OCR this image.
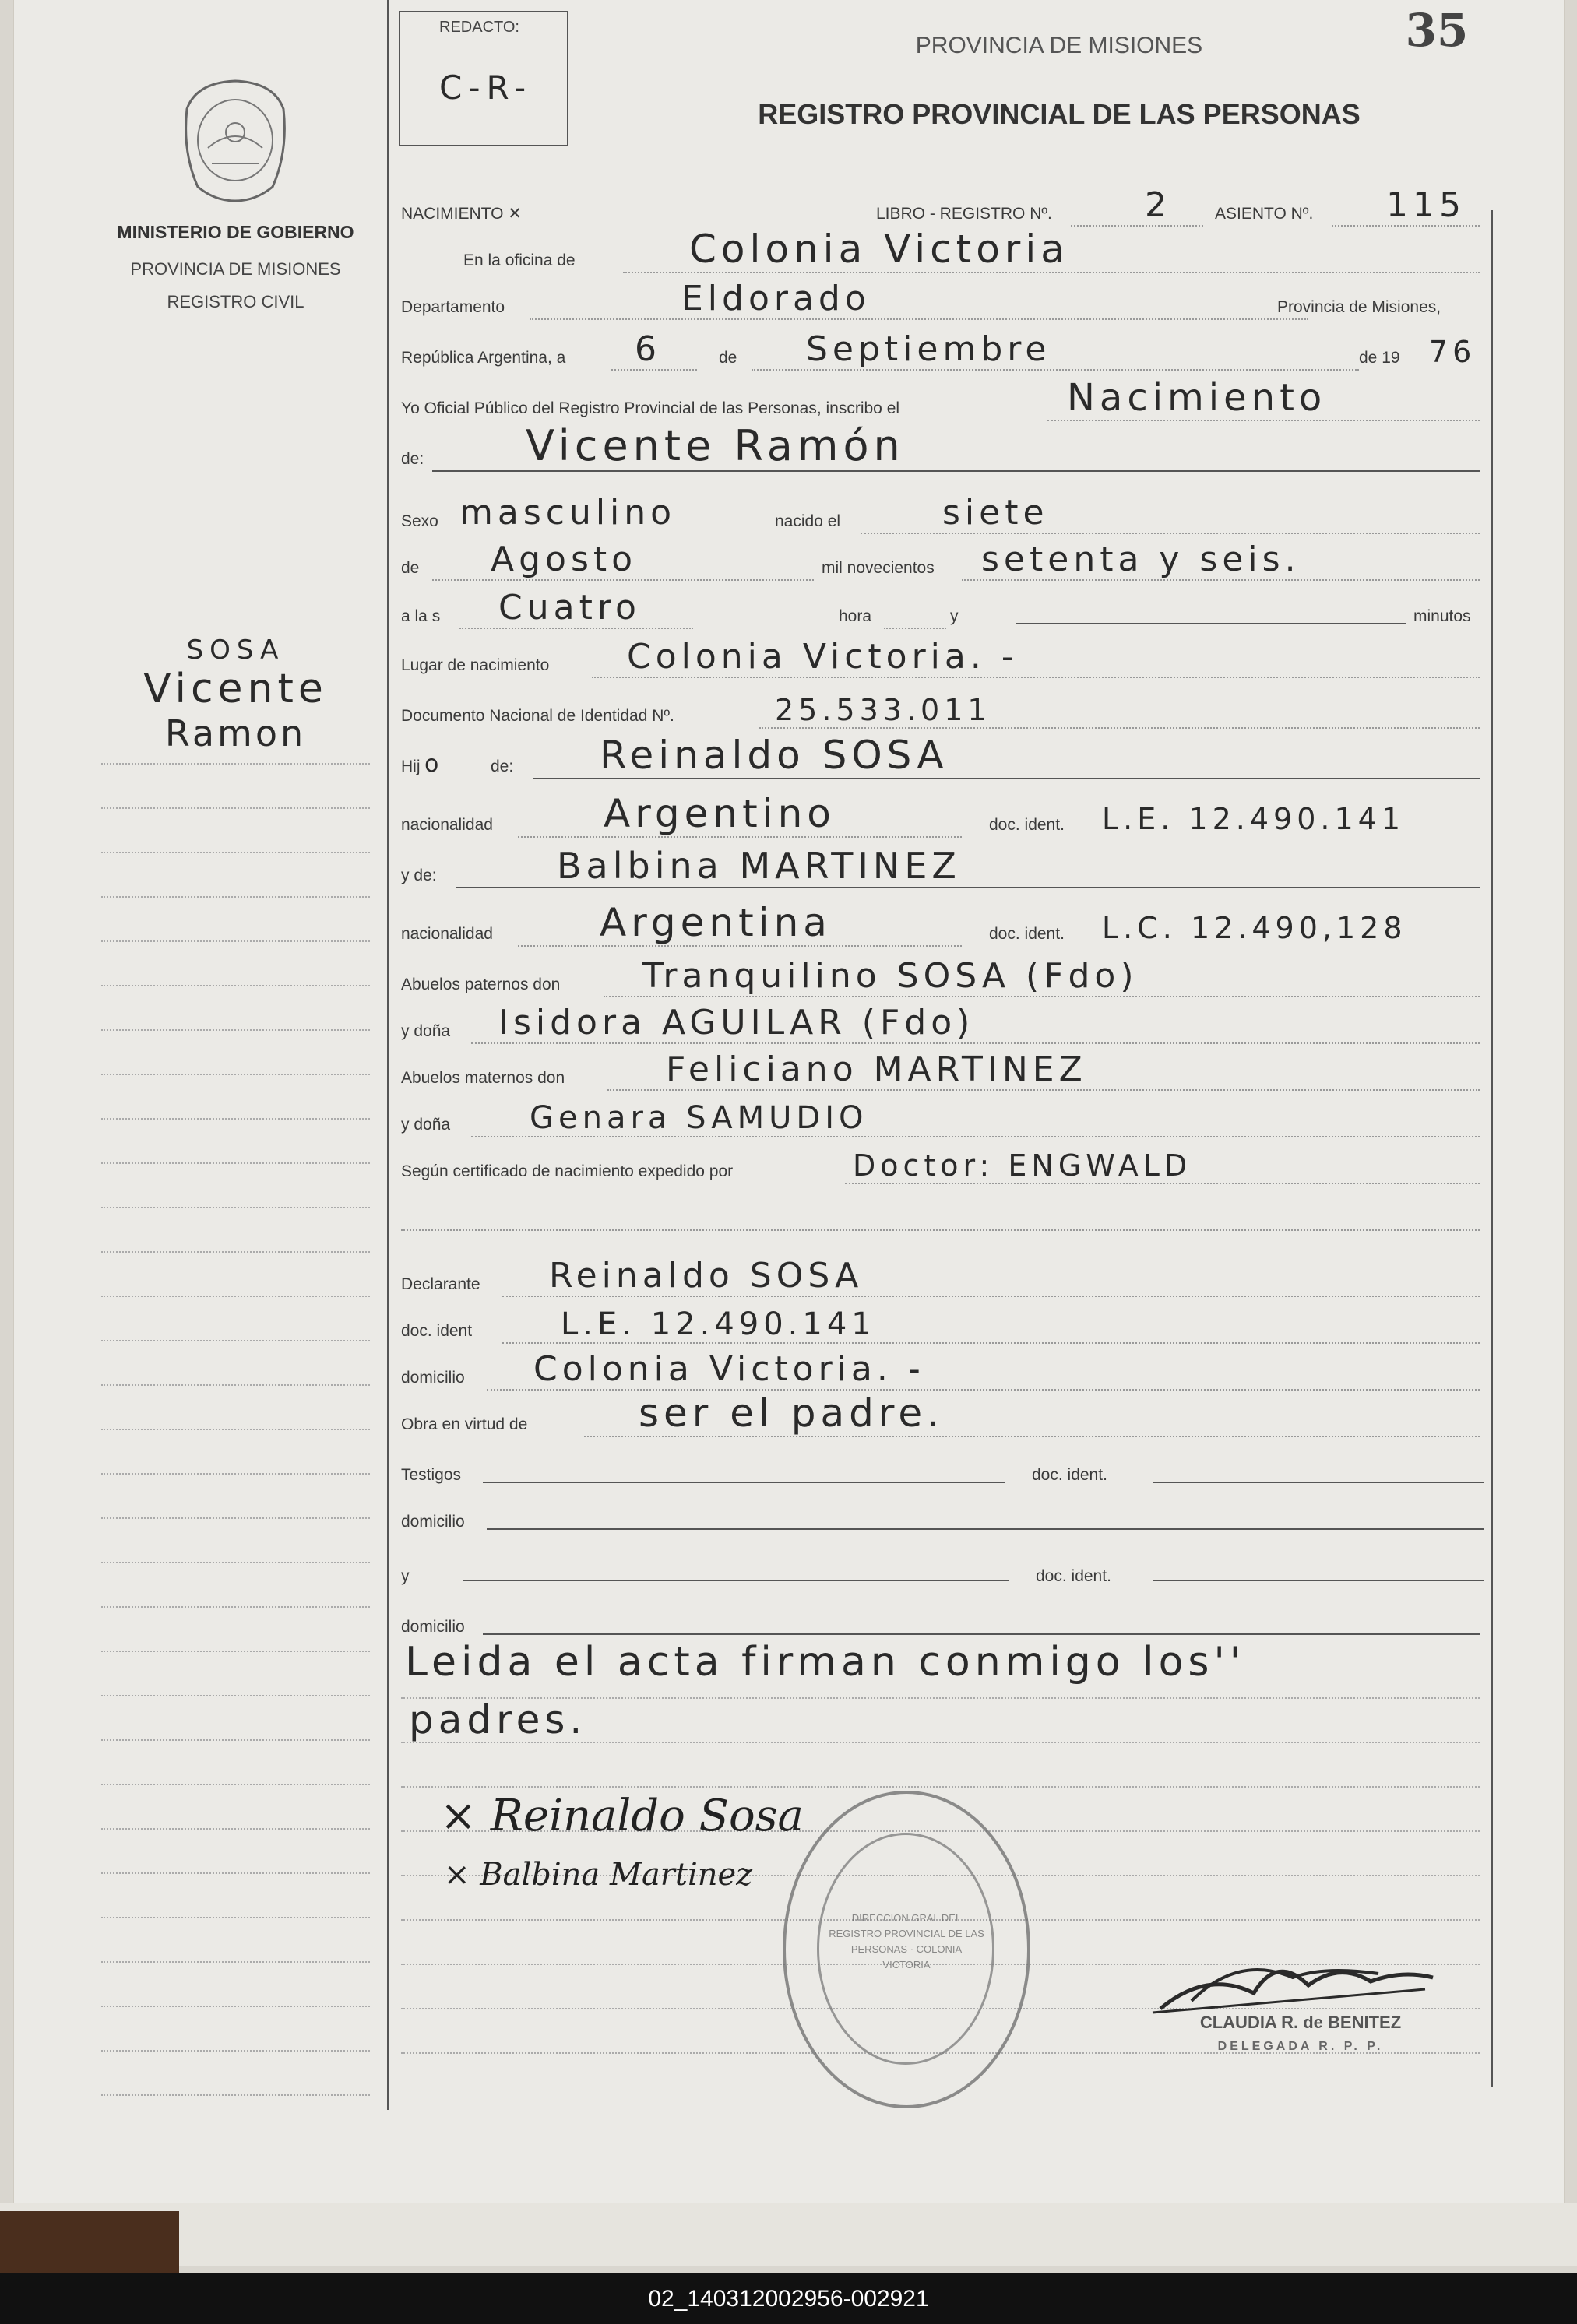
MINISTERIO DE GOBIERNO
PROVINCIA DE MISIONES
REGISTRO CIVIL
SOSA
Vicente
Ramon
REDACTO:
C-R-
PROVINCIA DE MISIONES
REGISTRO PROVINCIAL DE LAS PERSONAS
35
NACIMIENTO ✕	LIBRO - REGISTRO Nº.	2	ASIENTO Nº. 115
En la oficina de	Colonia Victoria
Departamento	Eldorado	Provincia de Misiones,
República Argentina, a 6	de Septiembre	de 19 76
Yo Oficial Público del Registro Provincial de las Personas, inscribo el	Nacimiento
de: Vicente Ramón
Sexo masculino	nacido el	siete
de Agosto	mil novecientos setenta y seis.
a la s Cuatro	hora	y	minutos
Lugar de nacimiento Colonia Victoria. -
Documento Nacional de Identidad Nº.	25.533.011
Hij o	de: Reinaldo SOSA
nacionalidad	Argentino	doc. ident. L.E. 12.490.141
y de:	Balbina MARTINEZ
nacionalidad	Argentina	doc. ident. L.C. 12.490,128
Abuelos paternos don Tranquilino SOSA (Fdo)
y doña Isidora AGUILAR (Fdo)
Abuelos maternos don	Feliciano MARTINEZ
y doña	Genara SAMUDIO
Según certificado de nacimiento expedido por	Doctor: ENGWALD
Declarante Reinaldo SOSA
doc. ident	L.E. 12.490.141
domicilio Colonia Victoria. -
Obra en virtud de	ser el padre.
Testigos	doc. ident.
domicilio
y	doc. ident.
domicilio
Leida el acta firman conmigo los''
padres.
× Reinaldo Sosa
× Balbina Martinez
DIRECCION GRAL DEL REGISTRO PROVINCIAL DE LAS PERSONAS · COLONIA VICTORIA
CLAUDIA R. de BENITEZ
DELEGADA R. P. P.
02_140312002956-002921
